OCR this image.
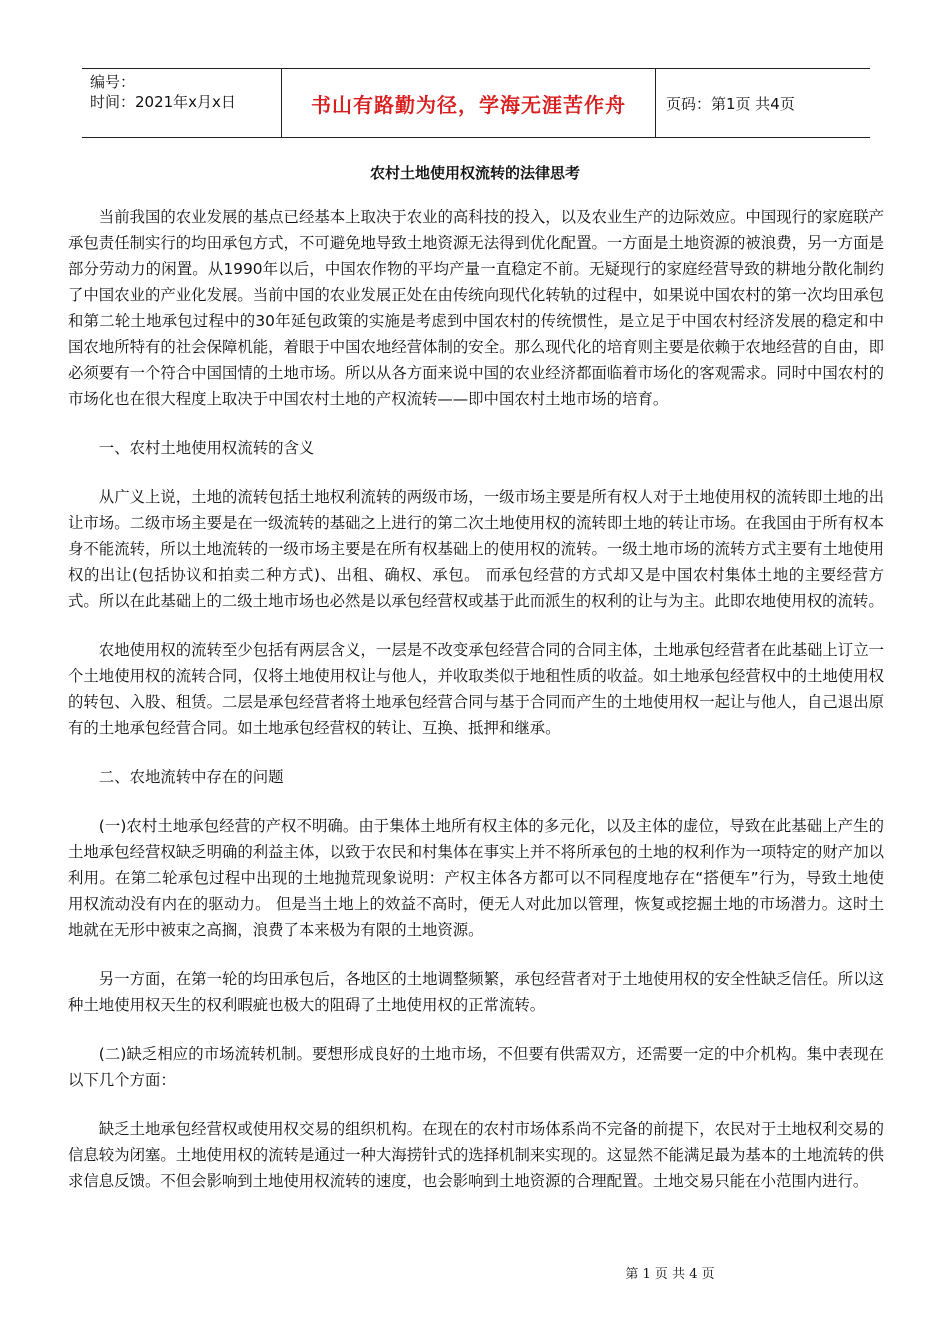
编号：
时间：2021年x月x日	书山有路勤为径，学海无涯苦作舟	页码：第1页 共4页
农村土地使用权流转的法律思考

当前我国的农业发展的基点已经基本上取决于农业的高科技的投入，以及农业生产的边际效应。中国现行的家庭联产承包责任制实行的均田承包方式，不可避免地导致土地资源无法得到优化配置。一方面是土地资源的被浪费，另一方面是部分劳动力的闲置。从1990年以后，中国农作物的平均产量一直稳定不前。无疑现行的家庭经营导致的耕地分散化制约了中国农业的产业化发展。当前中国的农业发展正处在由传统向现代化转轨的过程中，如果说中国农村的第一次均田承包和第二轮土地承包过程中的30年延包政策的实施是考虑到中国农村的传统惯性，是立足于中国农村经济发展的稳定和中国农地所特有的社会保障机能，着眼于中国农地经营体制的安全。那么现代化的培育则主要是依赖于农地经营的自由，即必须要有一个符合中国国情的土地市场。所以从各方面来说中国的农业经济都面临着市场化的客观需求。同时中国农村的市场化也在很大程度上取决于中国农村土地的产权流转——即中国农村土地市场的培育。

一、农村土地使用权流转的含义

从广义上说，土地的流转包括土地权利流转的两级市场，一级市场主要是所有权人对于土地使用权的流转即土地的出让市场。二级市场主要是在一级流转的基础之上进行的第二次土地使用权的流转即土地的转让市场。在我国由于所有权本身不能流转，所以土地流转的一级市场主要是在所有权基础上的使用权的流转。一级土地市场的流转方式主要有土地使用权的出让(包括协议和拍卖二种方式)、出租、确权、承包。 而承包经营的方式却又是中国农村集体土地的主要经营方式。所以在此基础上的二级土地市场也必然是以承包经营权或基于此而派生的权利的让与为主。此即农地使用权的流转。

农地使用权的流转至少包括有两层含义，一层是不改变承包经营合同的合同主体，土地承包经营者在此基础上订立一个土地使用权的流转合同，仅将土地使用权让与他人，并收取类似于地租性质的收益。如土地承包经营权中的土地使用权的转包、入股、租赁。二层是承包经营者将土地承包经营合同与基于合同而产生的土地使用权一起让与他人，自己退出原有的土地承包经营合同。如土地承包经营权的转让、互换、抵押和继承。

二、农地流转中存在的问题

(一)农村土地承包经营的产权不明确。由于集体土地所有权主体的多元化，以及主体的虚位，导致在此基础上产生的土地承包经营权缺乏明确的利益主体，以致于农民和村集体在事实上并不将所承包的土地的权利作为一项特定的财产加以利用。在第二轮承包过程中出现的土地抛荒现象说明：产权主体各方都可以不同程度地存在“搭便车”行为，导致土地使用权流动没有内在的驱动力。 但是当土地上的效益不高时，便无人对此加以管理，恢复或挖掘土地的市场潜力。这时土地就在无形中被束之高搁，浪费了本来极为有限的土地资源。

另一方面，在第一轮的均田承包后，各地区的土地调整频繁，承包经营者对于土地使用权的安全性缺乏信任。所以这种土地使用权天生的权利暇疵也极大的阻碍了土地使用权的正常流转。

(二)缺乏相应的市场流转机制。要想形成良好的土地市场，不但要有供需双方，还需要一定的中介机构。集中表现在以下几个方面：

缺乏土地承包经营权或使用权交易的组织机构。在现在的农村市场体系尚不完备的前提下，农民对于土地权利交易的信息较为闭塞。土地使用权的流转是通过一种大海捞针式的选择机制来实现的。这显然不能满足最为基本的土地流转的供求信息反馈。不但会影响到土地使用权流转的速度，也会影响到土地资源的合理配置。土地交易只能在小范围内进行。

第 1 页 共 4 页
